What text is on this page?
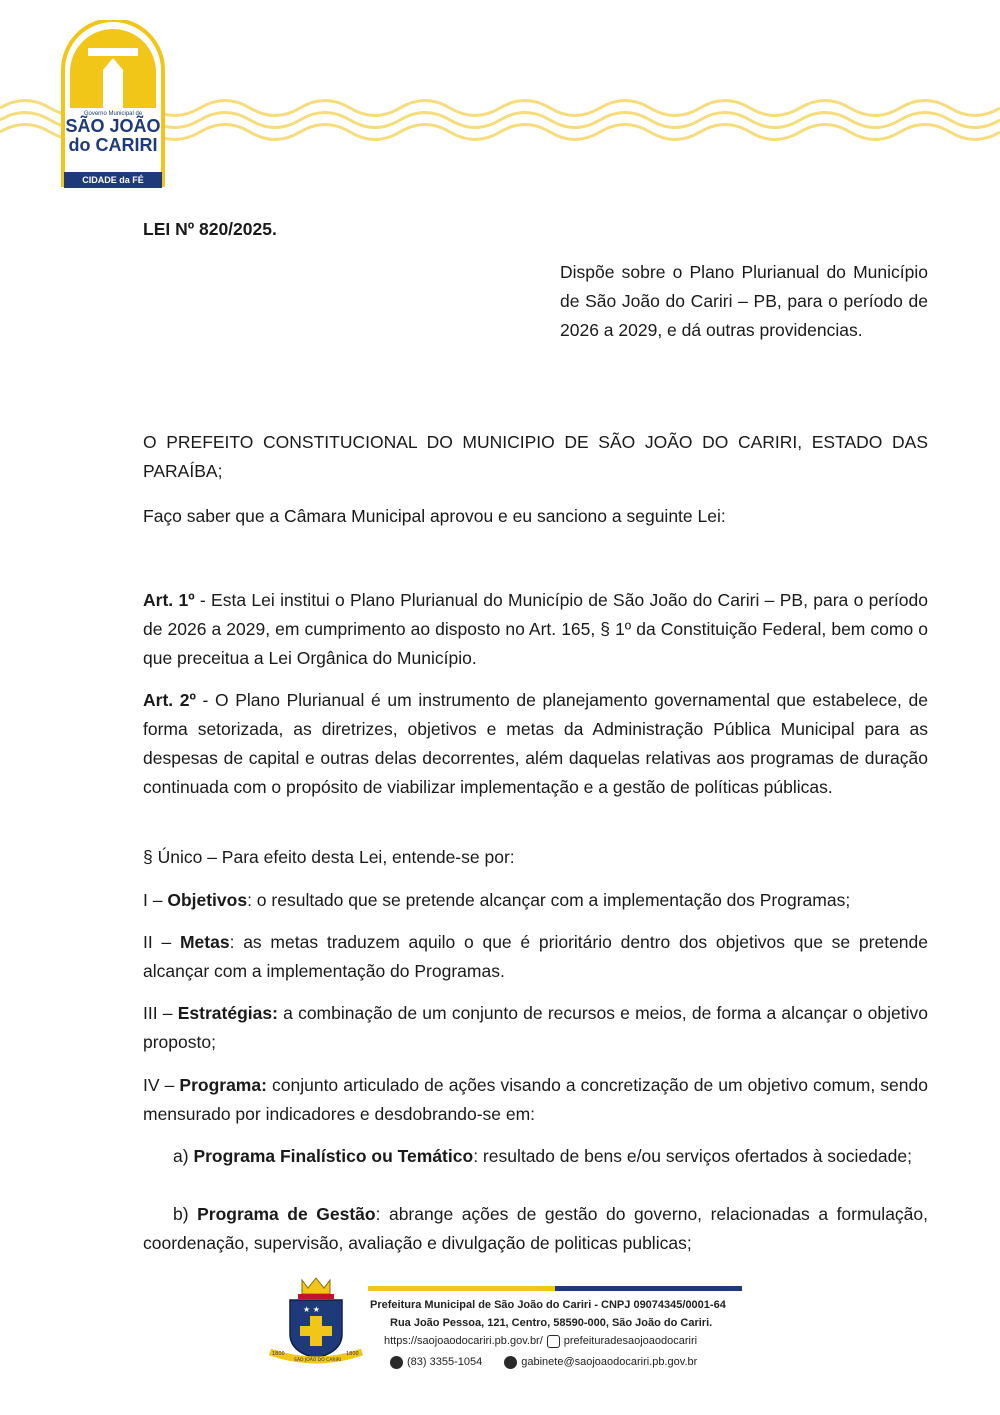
Governo Municipal de
SÃO JOÃO
do CARIRI
CIDADE da FÉ
LEI Nº 820/2025.
Dispõe sobre o Plano Plurianual do Município de São João do Cariri – PB, para o período de 2026 a 2029, e dá outras providencias.
O PREFEITO CONSTITUCIONAL DO MUNICIPIO DE SÃO JOÃO DO CARIRI, ESTADO DAS PARAÍBA;
Faço saber que a Câmara Municipal aprovou e eu sanciono a seguinte Lei:
Art. 1º - Esta Lei institui o Plano Plurianual do Município de São João do Cariri – PB, para o período de 2026 a 2029, em cumprimento ao disposto no Art. 165, § 1º da Constituição Federal, bem como o que preceitua a Lei Orgânica do Município.
Art. 2º - O Plano Plurianual é um instrumento de planejamento governamental que estabelece, de forma setorizada, as diretrizes, objetivos e metas da Administração Pública Municipal para as despesas de capital e outras delas decorrentes, além daquelas relativas aos programas de duração continuada com o propósito de viabilizar implementação e a gestão de políticas públicas.
§ Único – Para efeito desta Lei, entende-se por:
I – Objetivos: o resultado que se pretende alcançar com a implementação dos Programas;
II – Metas: as metas traduzem aquilo o que é prioritário dentro dos objetivos que se pretende alcançar com a implementação do Programas.
III – Estratégias: a combinação de um conjunto de recursos e meios, de forma a alcançar o objetivo proposto;
IV – Programa: conjunto articulado de ações visando a concretização de um objetivo comum, sendo mensurado por indicadores e desdobrando-se em:
a) Programa Finalístico ou Temático: resultado de bens e/ou serviços ofertados à sociedade;
b) Programa de Gestão: abrange ações de gestão do governo, relacionadas a formulação, coordenação, supervisão, avaliação e divulgação de politicas publicas;
★ ★
1800
SÃO JOÃO DO CARIRI
1800
Prefeitura Municipal de São João do Cariri - CNPJ 09074345/0001-64
Rua João Pessoa, 121, Centro, 58590-000, São João do Cariri.
https://saojoaodocariri.pb.gov.br/ prefeituradesaojoaodocariri
(83) 3355-1054	gabinete@saojoaodocariri.pb.gov.br
